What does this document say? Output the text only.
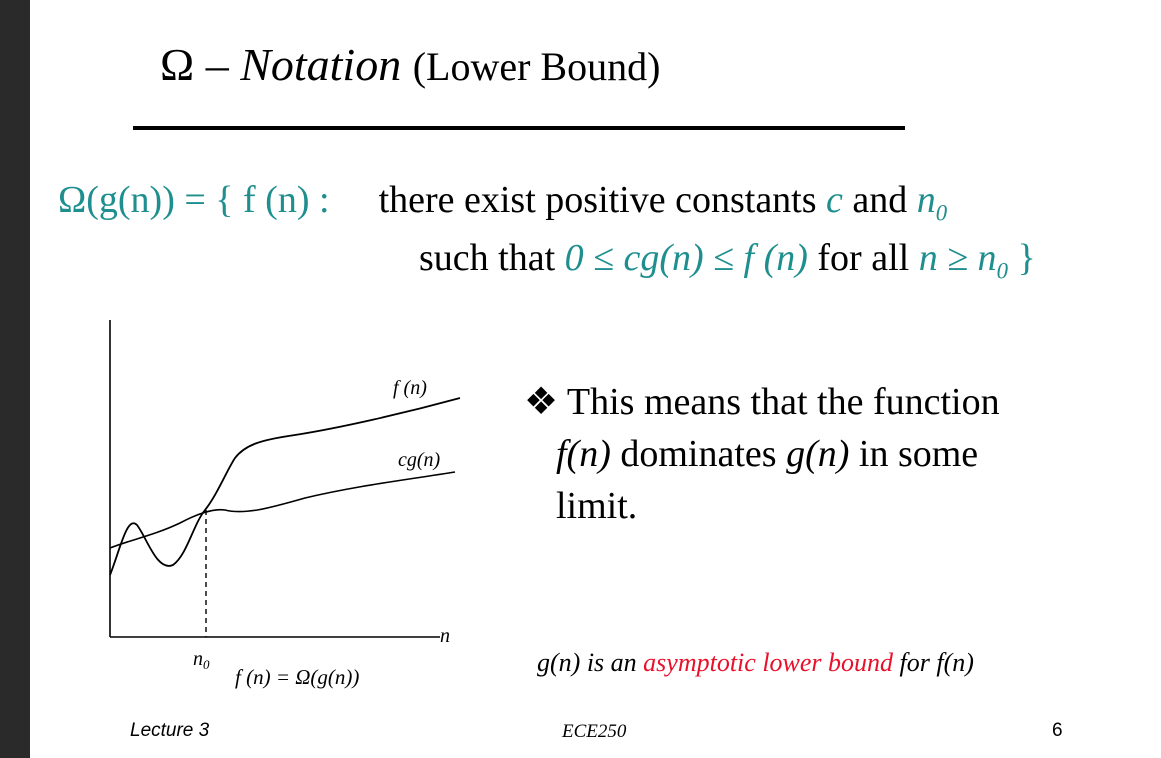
Ω – Notation (Lower Bound)
Ω(g(n)) = { f (n) : there exist positive constants c and $n_0$
such that 0 ≤ cg(n) ≤ f (n) for all $n \ge n_0$ }
f (n)
cg(n)
n
$n_0$
f (n) = Ω(g(n))
❖ This means that the function
f(n) dominates g(n) in some
limit.
g(n) is an asymptotic lower bound for f(n)
Lecture 3	ECE250	6
